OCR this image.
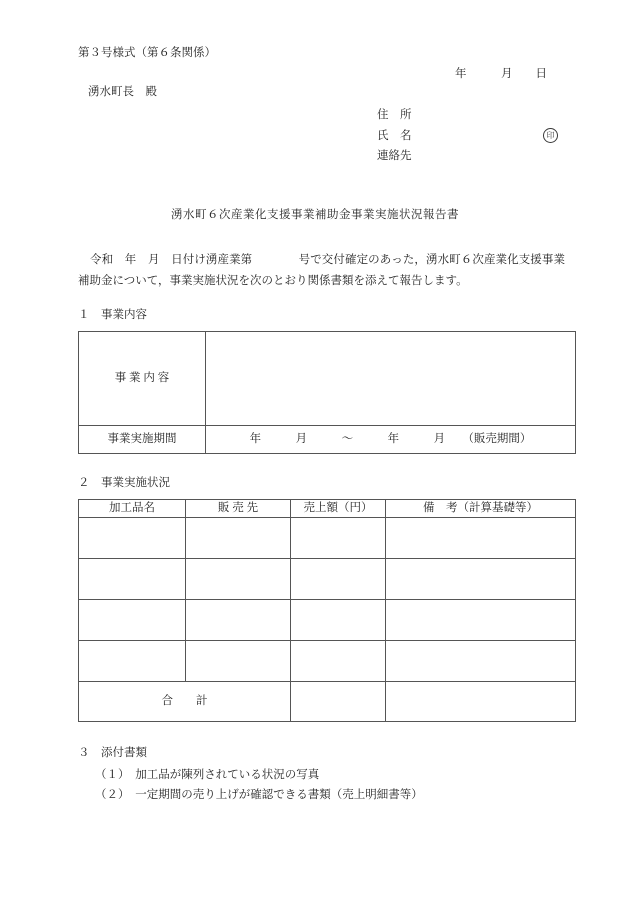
第３号様式（第６条関係）
年　　　月　　日
湧水町長　殿
住　所
氏　名	印
連絡先
湧水町６次産業化支援事業補助金事業実施状況報告書
令和　年　月　日付け湧産業第　　　　号で交付確定のあった，湧水町６次産業化支援事業補助金について，事業実施状況を次のとおり関係書類を添えて報告します。
１　事業内容
事 業 内 容	
事業実施期間	年　　　月　　　～　　　年　　　月　　（販売期間）
２　事業実施状況
加工品名	販 売 先	売上額（円）	備　考（計算基礎等）

合　　計			
３　添付書類
（１）　加工品が陳列されている状況の写真
（２）　一定期間の売り上げが確認できる書類（売上明細書等）
